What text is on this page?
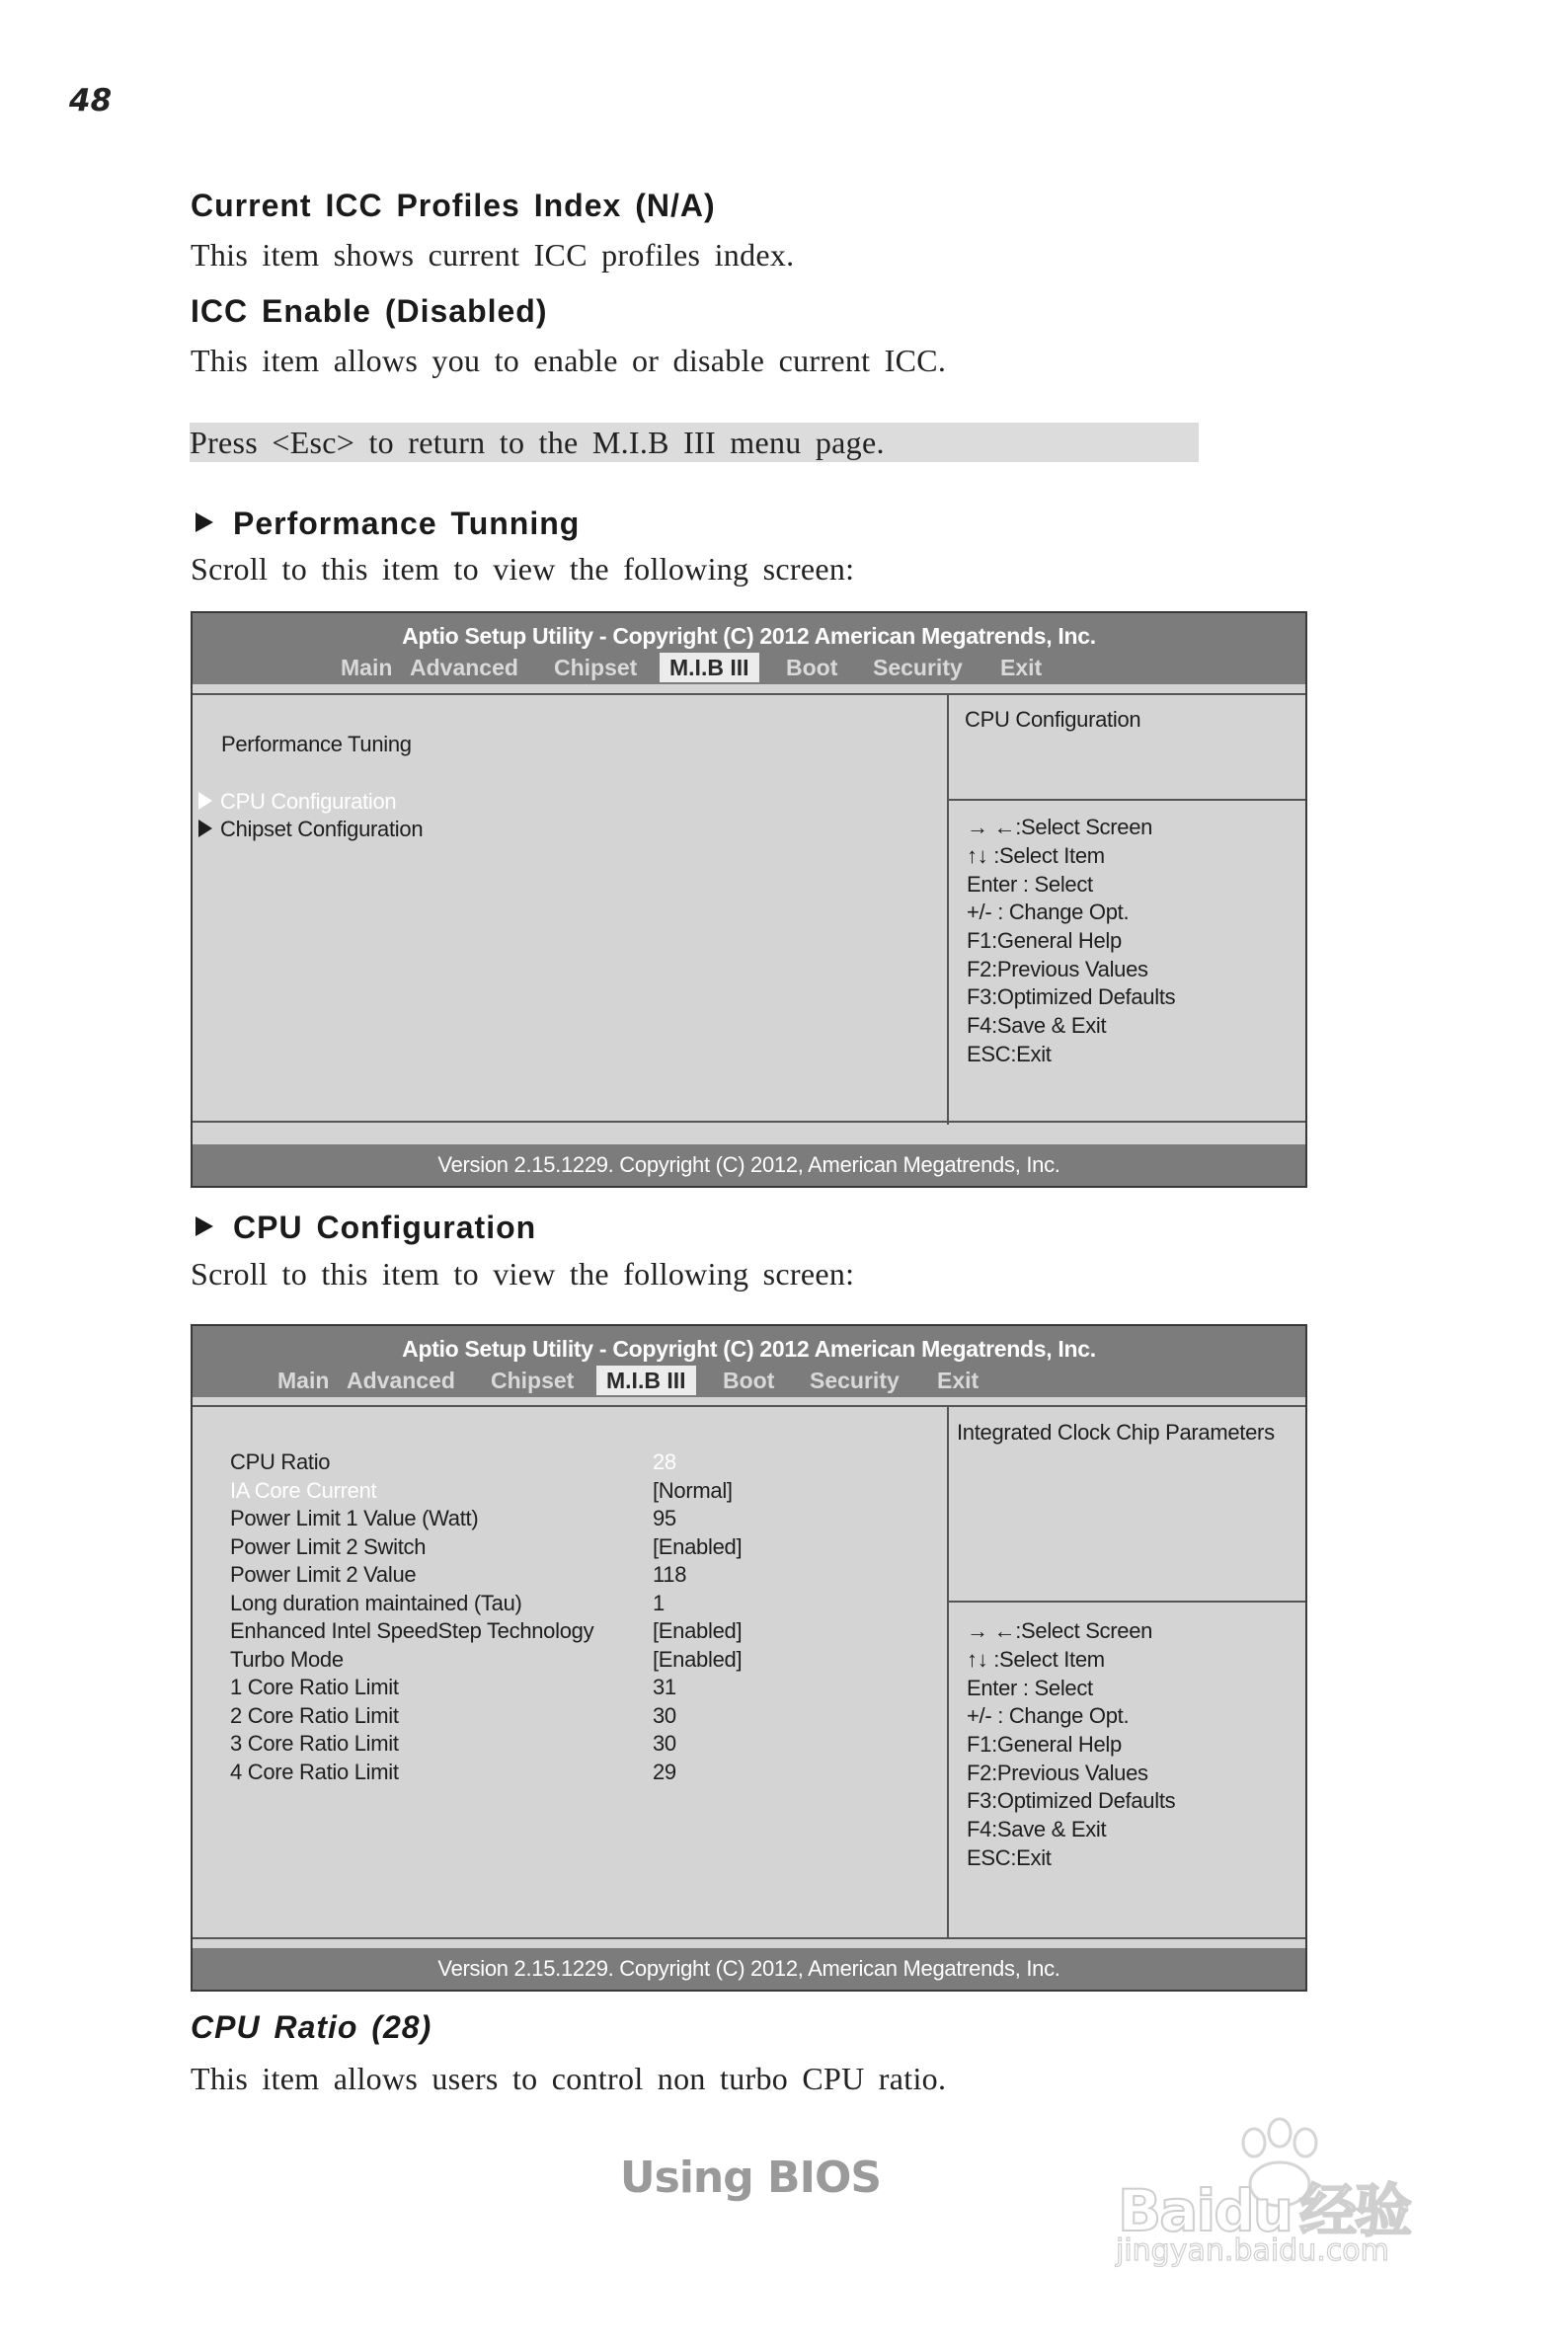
48
Current ICC Profiles Index (N/A)
This item shows current ICC profiles index.
ICC Enable (Disabled)
This item allows you to enable or disable current ICC.
Press <Esc> to return to the M.I.B III menu page.
Performance Tunning
Scroll to this item to view the following screen:
Aptio Setup Utility - Copyright (C) 2012 American Megatrends, Inc.
Main Advanced Chipset	M.I.B III	Boot Security Exit
Performance Tuning
CPU Configuration
Chipset Configuration
CPU Configuration
→ ←:Select Screen
↑↓ :Select Item
Enter : Select
+/- : Change Opt.
F1:General Help
F2:Previous Values
F3:Optimized Defaults
F4:Save & Exit
ESC:Exit
Version 2.15.1229. Copyright (C) 2012, American Megatrends, Inc.
CPU Configuration
Scroll to this item to view the following screen:
Aptio Setup Utility - Copyright (C) 2012 American Megatrends, Inc.
Main Advanced Chipset	M.I.B III	Boot Security Exit
CPU Ratio	28
IA Core Current	[Normal]
Power Limit 1 Value (Watt)	95
Power Limit 2 Switch	[Enabled]
Power Limit 2 Value	118
Long duration maintained (Tau)	1
Enhanced Intel SpeedStep Technology	[Enabled]
Turbo Mode	[Enabled]
1 Core Ratio Limit	31
2 Core Ratio Limit	30
3 Core Ratio Limit	30
4 Core Ratio Limit	29
Integrated Clock Chip Parameters
→ ←:Select Screen
↑↓ :Select Item
Enter : Select
+/- : Change Opt.
F1:General Help
F2:Previous Values
F3:Optimized Defaults
F4:Save & Exit
ESC:Exit
Version 2.15.1229. Copyright (C) 2012, American Megatrends, Inc.
CPU Ratio (28)
This item allows users to control non turbo CPU ratio.
Using BIOS	Baidu 经验
jingyan.baidu.com
